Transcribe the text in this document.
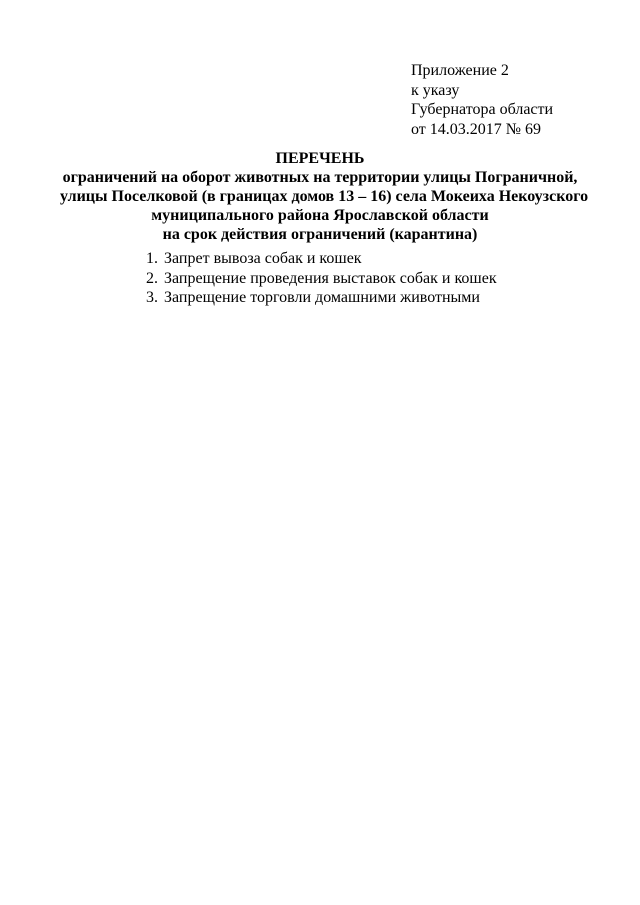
Приложение 2
к указу
Губернатора области
от 14.03.2017 № 69
ПЕРЕЧЕНЬ
ограничений на оборот животных на территории улицы Пограничной,
улицы Поселковой (в границах домов 13 – 16) села Мокеиха Некоузского
муниципального района Ярославской области
на срок действия ограничений (карантина)
1. Запрет вывоза собак и кошек
2. Запрещение проведения выставок собак и кошек
3. Запрещение торговли домашними животными
